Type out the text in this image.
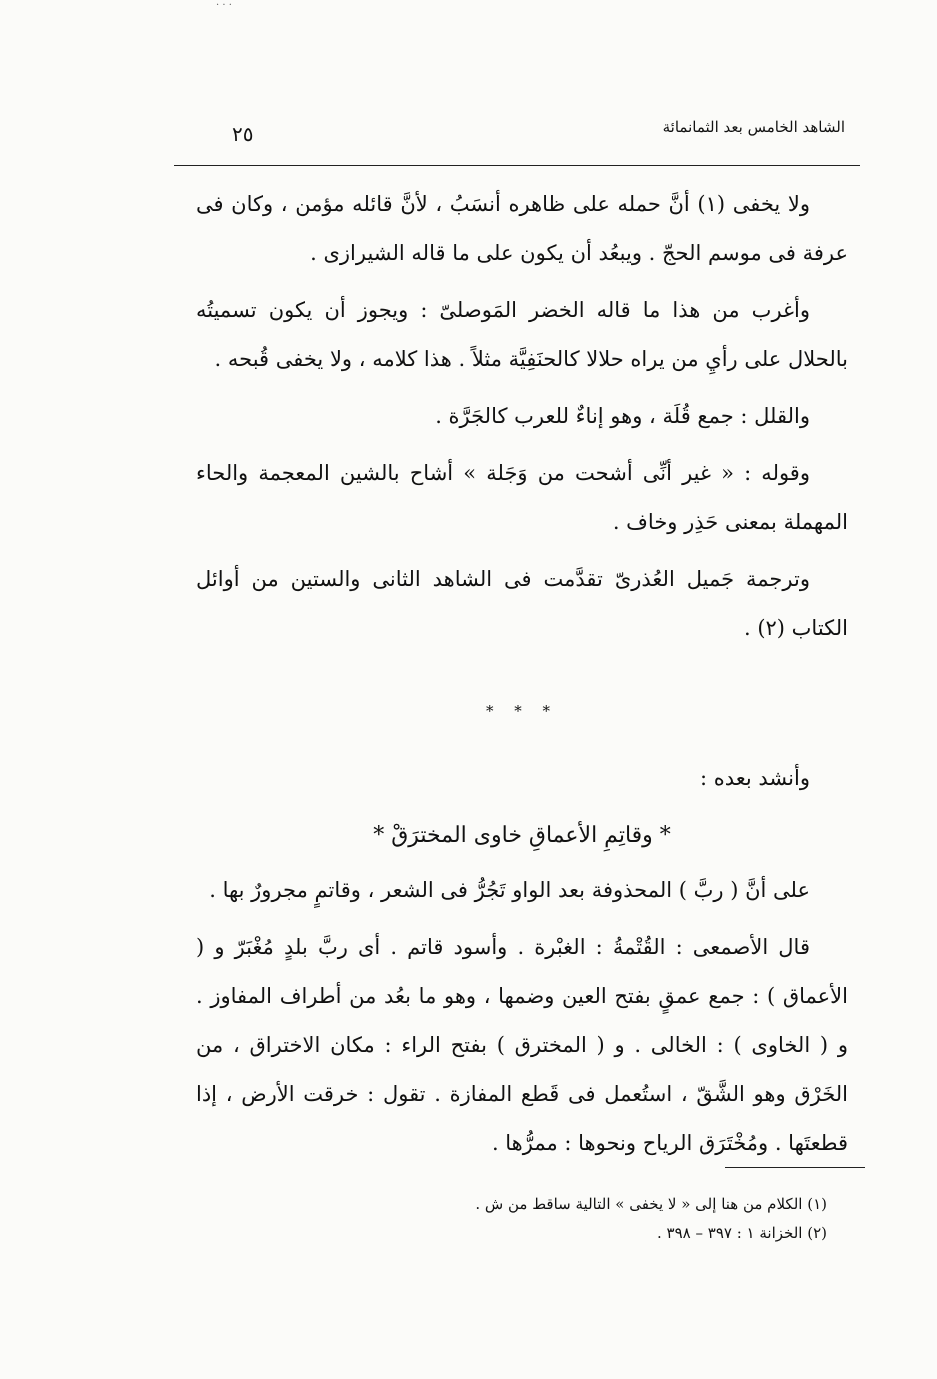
· · ·
الشاهد الخامس بعد الثمانمائة
٢٥

ولا يخفى (١) أنَّ حمله على ظاهره أنسَبُ ، لأنَّ قائله مؤمن ، وكان فى عرفة فى موسم الحجّ . ويبعُد أن يكون على ما قاله الشيرازى .

وأغرب من هذا ما قاله الخضر المَوصلىّ : ويجوز أن يكون تسميتُه بالحلال على رأيِ من يراه حلالا كالحنَفِيَّة مثلاً . هذا كلامه ، ولا يخفى قُبحه .

والقلل : جمع قُلَة ، وهو إناءٌ للعرب كالجَرَّة .

وقوله : « غير أنِّى أشحت من وَجَلة » أشاح بالشين المعجمة والحاء المهملة بمعنى حَذِر وخاف .

وترجمة جَميل العُذرىّ تقدَّمت فى الشاهد الثانى والستين من أوائل الكتاب (٢) .

* * *

وأنشد بعده :

* وقاتِمِ الأعماقِ خاوى المخترَقْ *

على أنَّ ( ربَّ ) المحذوفة بعد الواو تَجُرُّ فى الشعر ، وقاتمٍ مجرورٌ بها .

قال الأصمعى : القُتْمةُ : الغبْرة . وأسود قاتم . أى ربَّ بلدٍ مُغْبَرّ و ( الأعماق ) : جمع عمقٍ بفتح العين وضمها ، وهو ما بعُد من أطراف المفاوز . و ( الخاوى ) : الخالى . و ( المخترق ) بفتح الراء : مكان الاختراق ، من الخَرْق وهو الشَّقّ ، استُعمل فى قَطع المفازة . تقول : خرقت الأرض ، إذا قطعتَها . ومُخْتَرَق الرياح ونحوها : ممرُّها .

(١) الكلام من هنا إلى « لا يخفى » التالية ساقط من ش .
(٢) الخزانة ١ : ٣٩٧ – ٣٩٨ .
